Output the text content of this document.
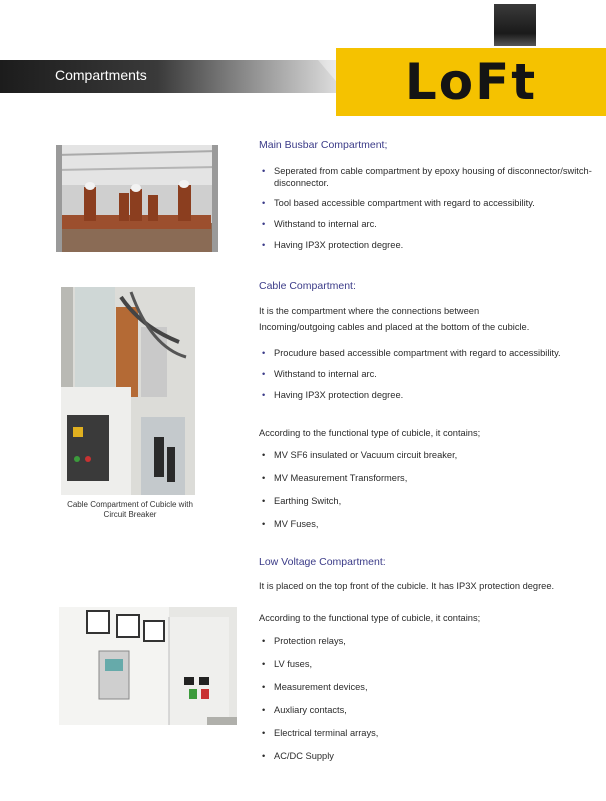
Compartments	LoFt
Main Busbar Compartment;
• Seperated from cable compartment by epoxy housing of disconnector/switch-disconnector.
• Tool based accessible compartment with regard to accessibility.
• Withstand to internal arc.
• Having IP3X protection degree.
Cable Compartment of Cubicle with Circuit Breaker
Cable Compartment:
It is the compartment where the connections between
Incoming/outgoing cables and placed at the bottom of the cubicle.
• Procudure based accessible compartment with regard to accessibility.
• Withstand to internal arc.
• Having IP3X protection degree.
According to the functional type of cubicle, it contains;
• MV SF6 insulated or Vacuum circuit breaker,
• MV Measurement Transformers,
• Earthing Switch,
• MV Fuses,
Low Voltage Compartment:
It is placed on the top front of the cubicle. It has IP3X protection degree.
According to the functional type of cubicle, it contains;
• Protection relays,
• LV fuses,
• Measurement devices,
• Auxliary contacts,
• Electrical terminal arrays,
• AC/DC Supply
